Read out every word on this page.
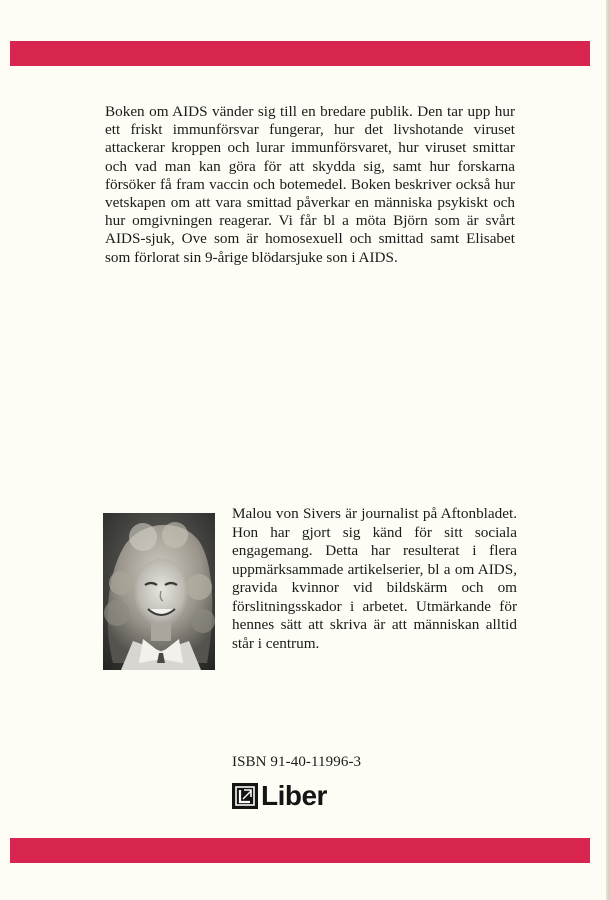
Boken om AIDS vänder sig till en bredare publik. Den tar upp hur ett friskt immunförsvar fungerar, hur det livshotande viruset attackerar kroppen och lurar immunförsvaret, hur viruset smittar och vad man kan göra för att skydda sig, samt hur forskarna försöker få fram vaccin och botemedel. Boken beskriver också hur vetskapen om att vara smittad påverkar en människa psykiskt och hur omgivningen reagerar. Vi får bl a möta Björn som är svårt AIDS-sjuk, Ove som är homosexuell och smittad samt Elisabet som förlorat sin 9-årige blödarsjuke son i AIDS.

Malou von Sivers är journalist på Aftonbladet. Hon har gjort sig känd för sitt sociala engagemang. Detta har resulterat i flera uppmärksammade artikelserier, bl a om AIDS, gravida kvinnor vid bildskärm och om förslitningsskador i arbetet. Utmärkande för hennes sätt att skriva är att människan alltid står i centrum.

ISBN 91-40-11996-3
Liber
